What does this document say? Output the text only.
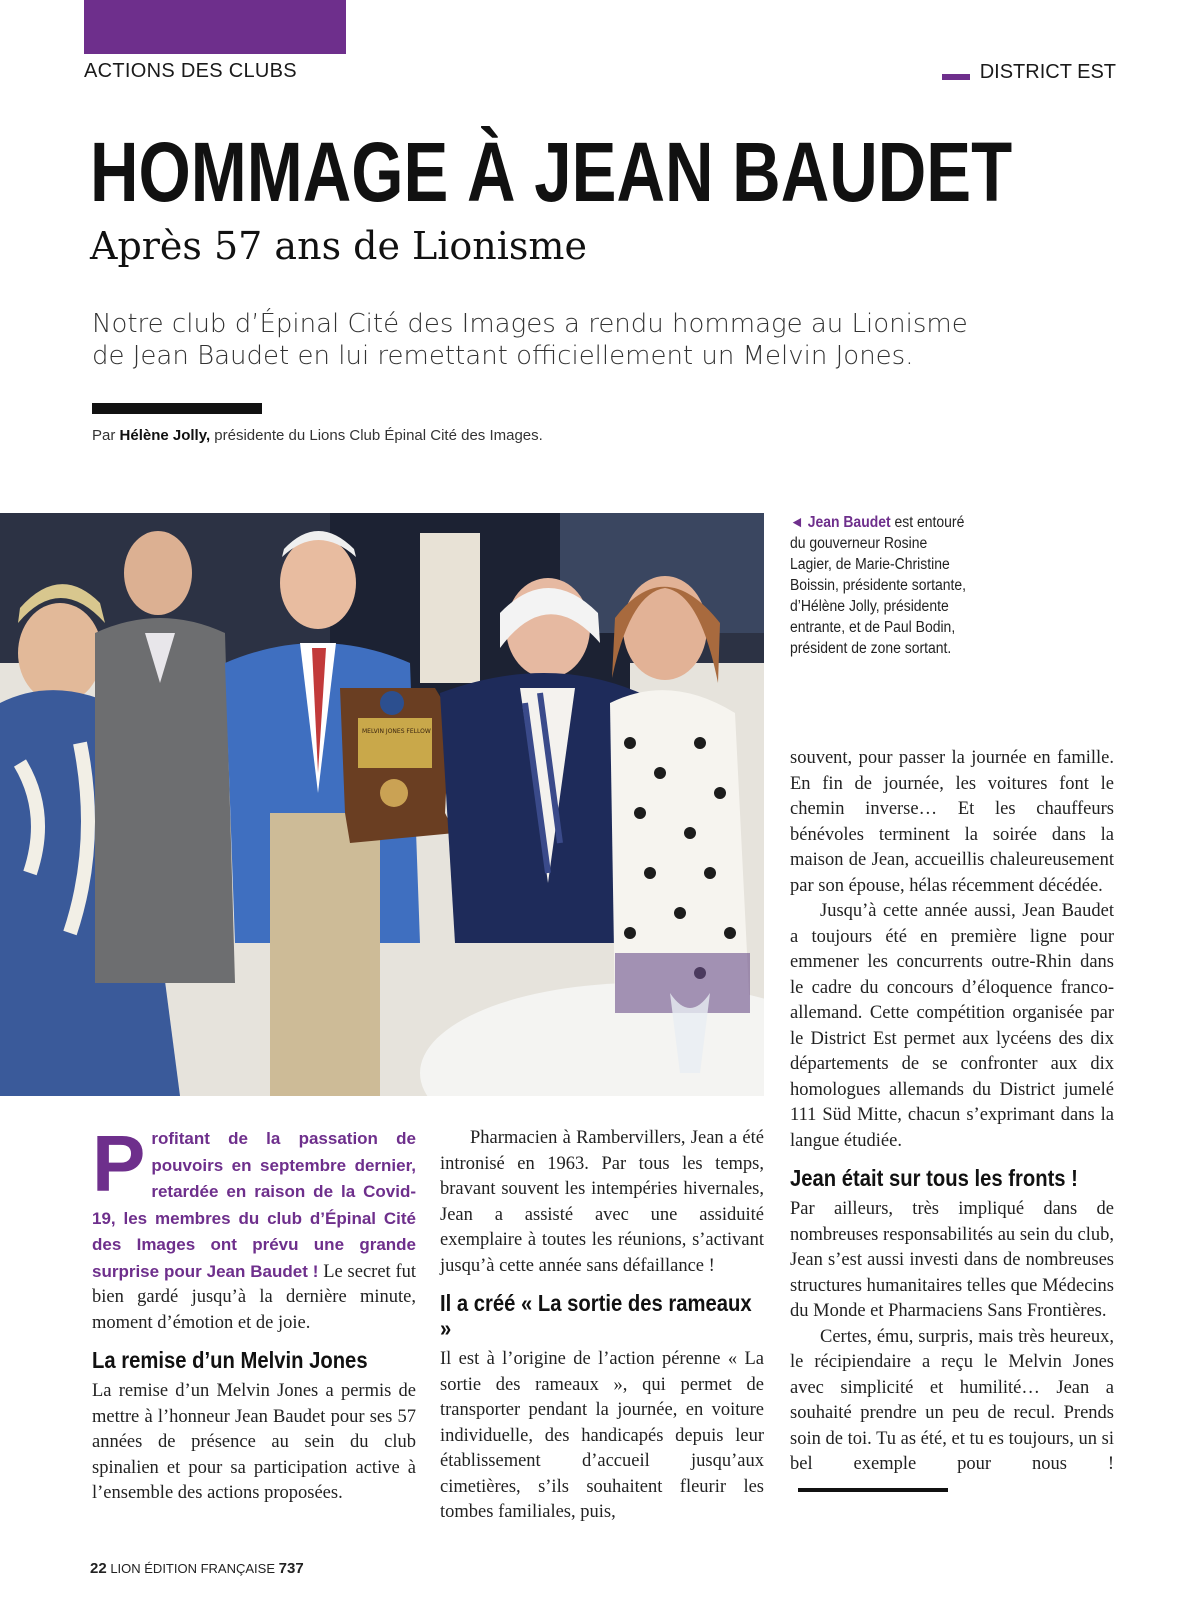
ACTIONS DES CLUBS	DISTRICT EST
HOMMAGE À JEAN BAUDET
Après 57 ans de Lionisme
Notre club d’Épinal Cité des Images a rendu hommage au Lionisme de Jean Baudet en lui remettant officiellement un Melvin Jones.
Par Hélène Jolly, présidente du Lions Club Épinal Cité des Images.
MELVIN JONES FELLOW
◄ Jean Baudet est entouré du gouverneur Rosine Lagier, de Marie-Christine Boissin, présidente sortante, d’Hélène Jolly, présidente entrante, et de Paul Bodin, président de zone sortant.

Profitant de la passation de pouvoirs en septembre dernier, retardée en raison de la Covid-19, les membres du club d’Épinal Cité des Images ont prévu une grande surprise pour Jean Baudet ! Le secret fut bien gardé jusqu’à la dernière minute, moment d’émotion et de joie.

La remise d’un Melvin Jones

La remise d’un Melvin Jones a permis de mettre à l’honneur Jean Baudet pour ses 57 années de présence au sein du club spinalien et pour sa participation active à l’ensemble des actions proposées.

Pharmacien à Rambervillers, Jean a été intronisé en 1963. Par tous les temps, bravant souvent les intempéries hivernales, Jean a assisté avec une assiduité exemplaire à toutes les réunions, s’activant jusqu’à cette année sans défaillance !

Il a créé « La sortie des rameaux »

Il est à l’origine de l’action pérenne « La sortie des rameaux », qui permet de transporter pendant la journée, en voiture individuelle, des handicapés depuis leur établissement d’accueil jusqu’aux cimetières, s’ils souhaitent fleurir les tombes familiales, puis,

souvent, pour passer la journée en famille. En fin de journée, les voitures font le chemin inverse… Et les chauffeurs bénévoles terminent la soirée dans la maison de Jean, accueillis chaleureusement par son épouse, hélas récemment décédée.

Jusqu’à cette année aussi, Jean Baudet a toujours été en première ligne pour emmener les concurrents outre-Rhin dans le cadre du concours d’éloquence franco-allemand. Cette compétition organisée par le District Est permet aux lycéens des dix départements de se confronter aux dix homologues allemands du District jumelé 111 Süd Mitte, chacun s’exprimant dans la langue étudiée.

Jean était sur tous les fronts !

Par ailleurs, très impliqué dans de nombreuses responsabilités au sein du club, Jean s’est aussi investi dans de nombreuses structures humanitaires telles que Médecins du Monde et Pharmaciens Sans Frontières.

Certes, ému, surpris, mais très heureux, le récipiendaire a reçu le Melvin Jones avec simplicité et humilité… Jean a souhaité prendre un peu de recul. Prends soin de toi. Tu as été, et tu es toujours, un si bel exemple pour nous !

22 LION ÉDITION FRANÇAISE 737
